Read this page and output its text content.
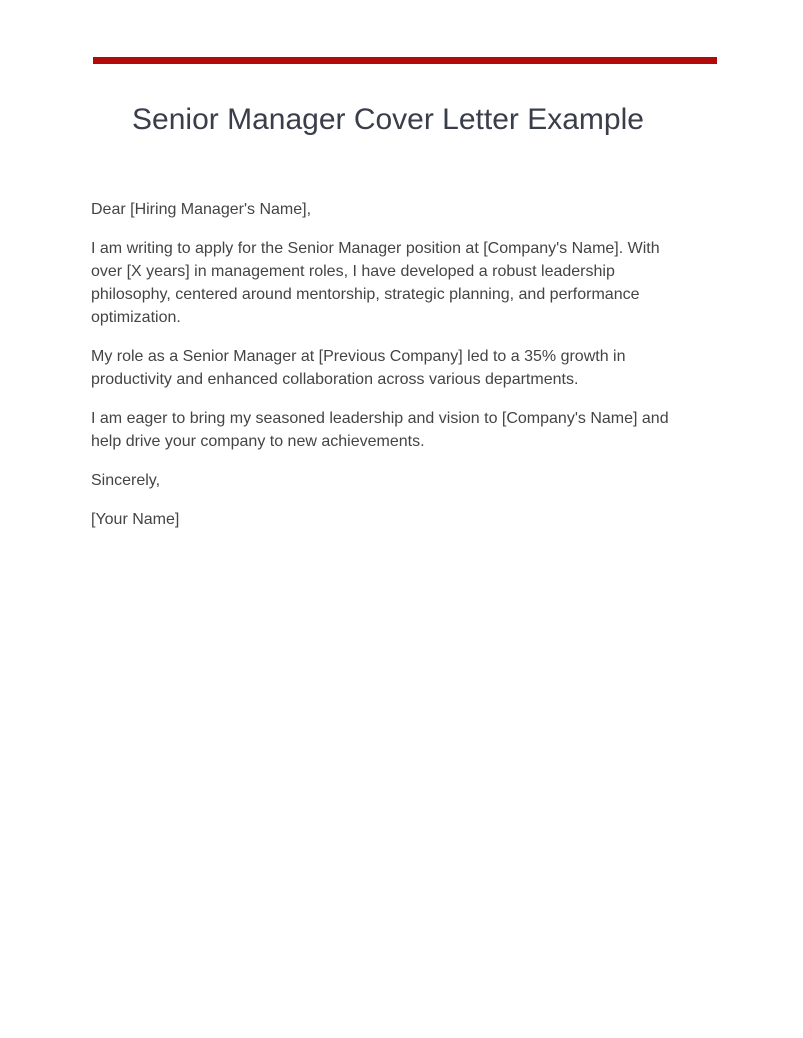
Senior Manager Cover Letter Example

Dear [Hiring Manager's Name],

I am writing to apply for the Senior Manager position at [Company's Name]. With over [X years] in management roles, I have developed a robust leadership philosophy, centered around mentorship, strategic planning, and performance optimization.

My role as a Senior Manager at [Previous Company] led to a 35% growth in productivity and enhanced collaboration across various departments.

I am eager to bring my seasoned leadership and vision to [Company's Name] and help drive your company to new achievements.

Sincerely,

[Your Name]
